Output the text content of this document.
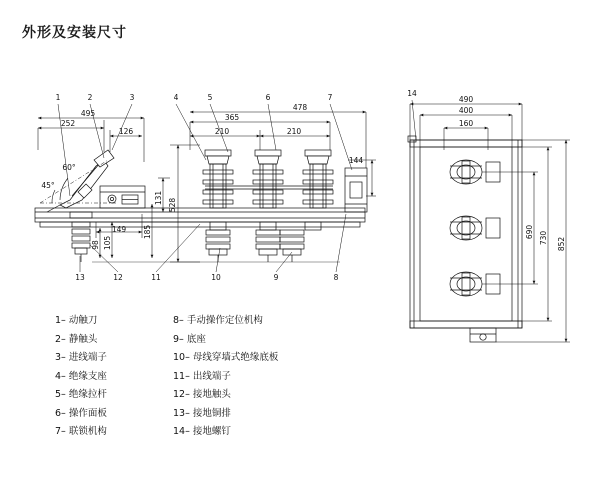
外形及安装尺寸
1	2	3	4	5	6	7
8
9
10
11
12
13
252
495
126
365
210	210
478
144
60°
45°
149
528
131
98 105
185
14
490
400
160
690 730 852
1– 动触刀
2– 静触头
3– 进线端子
4– 绝缘支座
5– 绝缘拉杆
6– 操作面板
7– 联锁机构
8– 手动操作定位机构
9– 底座
10– 母线穿墙式绝缘底板
11– 出线端子
12– 接地触头
13– 接地铜排
14– 接地螺钉
